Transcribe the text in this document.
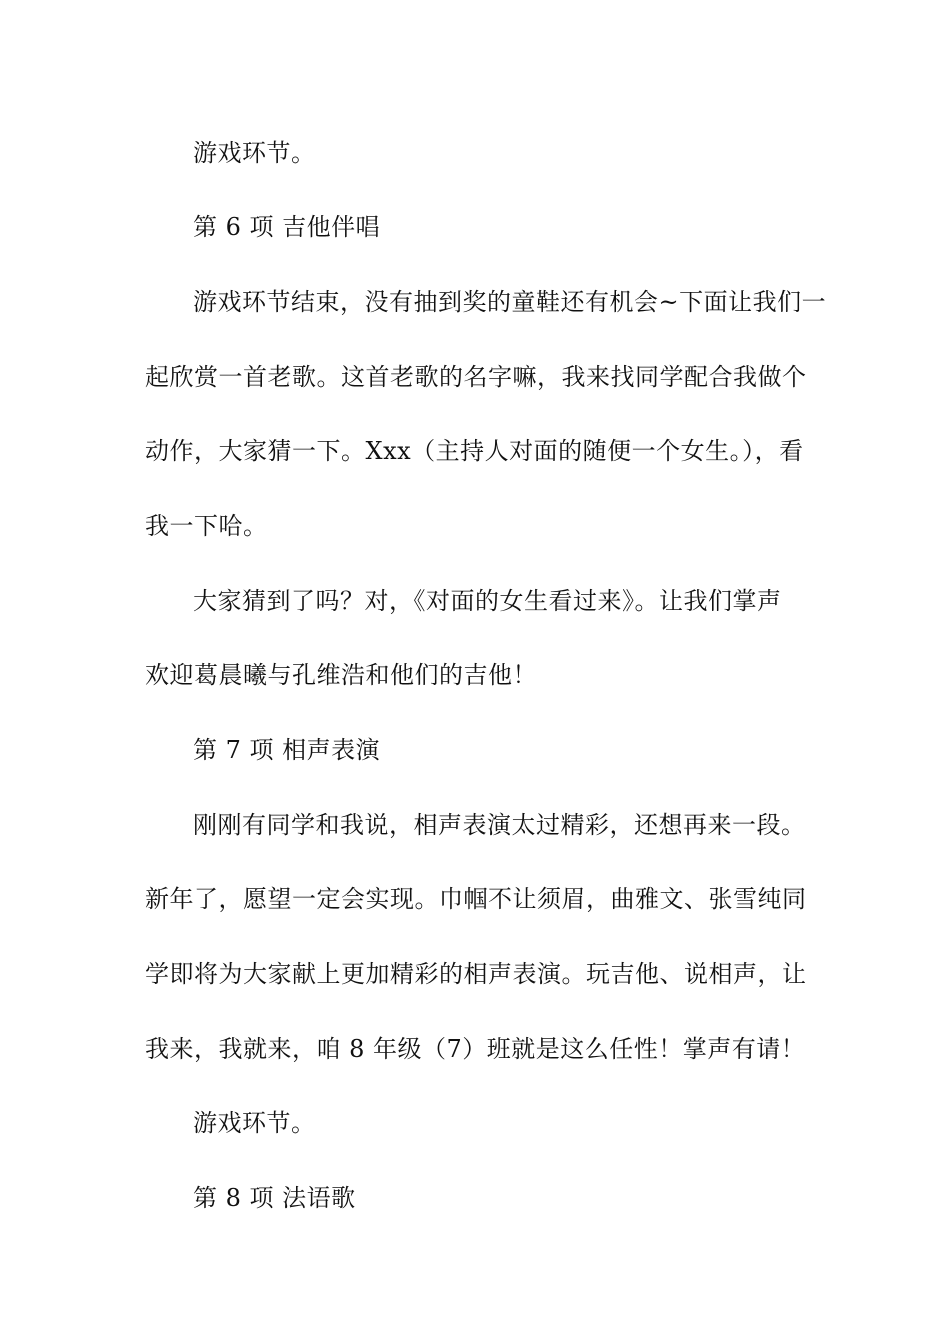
游戏环节。
第 6 项 吉他伴唱
游戏环节结束，没有抽到奖的童鞋还有机会~下面让我们一
起欣赏一首老歌。这首老歌的名字嘛，我来找同学配合我做个
动作，大家猜一下。Xxx（主持人对面的随便一个女生。），看
我一下哈。
大家猜到了吗？对，《对面的女生看过来》。让我们掌声
欢迎葛晨曦与孔维浩和他们的吉他！
第 7 项 相声表演
刚刚有同学和我说，相声表演太过精彩，还想再来一段。
新年了，愿望一定会实现。巾帼不让须眉，曲雅文、张雪纯同
学即将为大家献上更加精彩的相声表演。玩吉他、说相声，让
我来，我就来，咱 8 年级（7）班就是这么任性！掌声有请！
游戏环节。
第 8 项 法语歌
